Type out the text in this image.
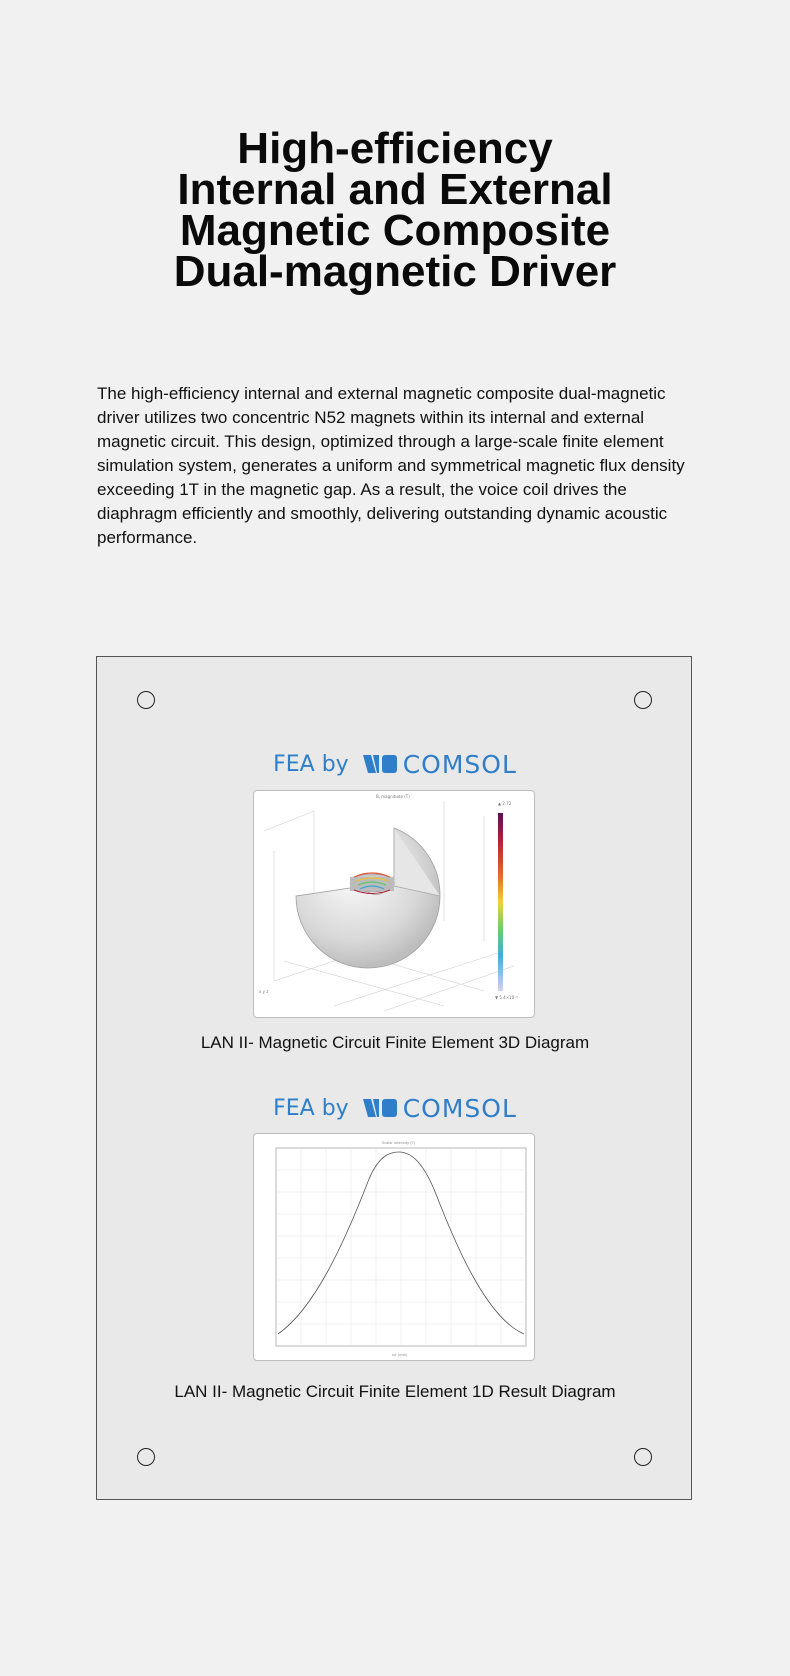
High-efficiency
Internal and External
Magnetic Composite
Dual-magnetic Driver

The high-efficiency internal and external magnetic composite dual-magnetic driver utilizes two concentric N52 magnets within its internal and external magnetic circuit. This design, optimized through a large-scale finite element simulation system, generates a uniform and symmetrical magnetic flux density exceeding 1T in the magnetic gap. As a result, the voice coil drives the diaphragm efficiently and smoothly, delivering outstanding dynamic acoustic performance.

FEA by COMSOL
B, magnitude (T)
▲ 2.72
▼ 5.4×10⁻⁵
x y z

LAN II- Magnetic Circuit Finite Element 3D Diagram

FEA by COMSOL
Scalar intensity (T)
x/r (mm)

LAN II- Magnetic Circuit Finite Element 1D Result Diagram
